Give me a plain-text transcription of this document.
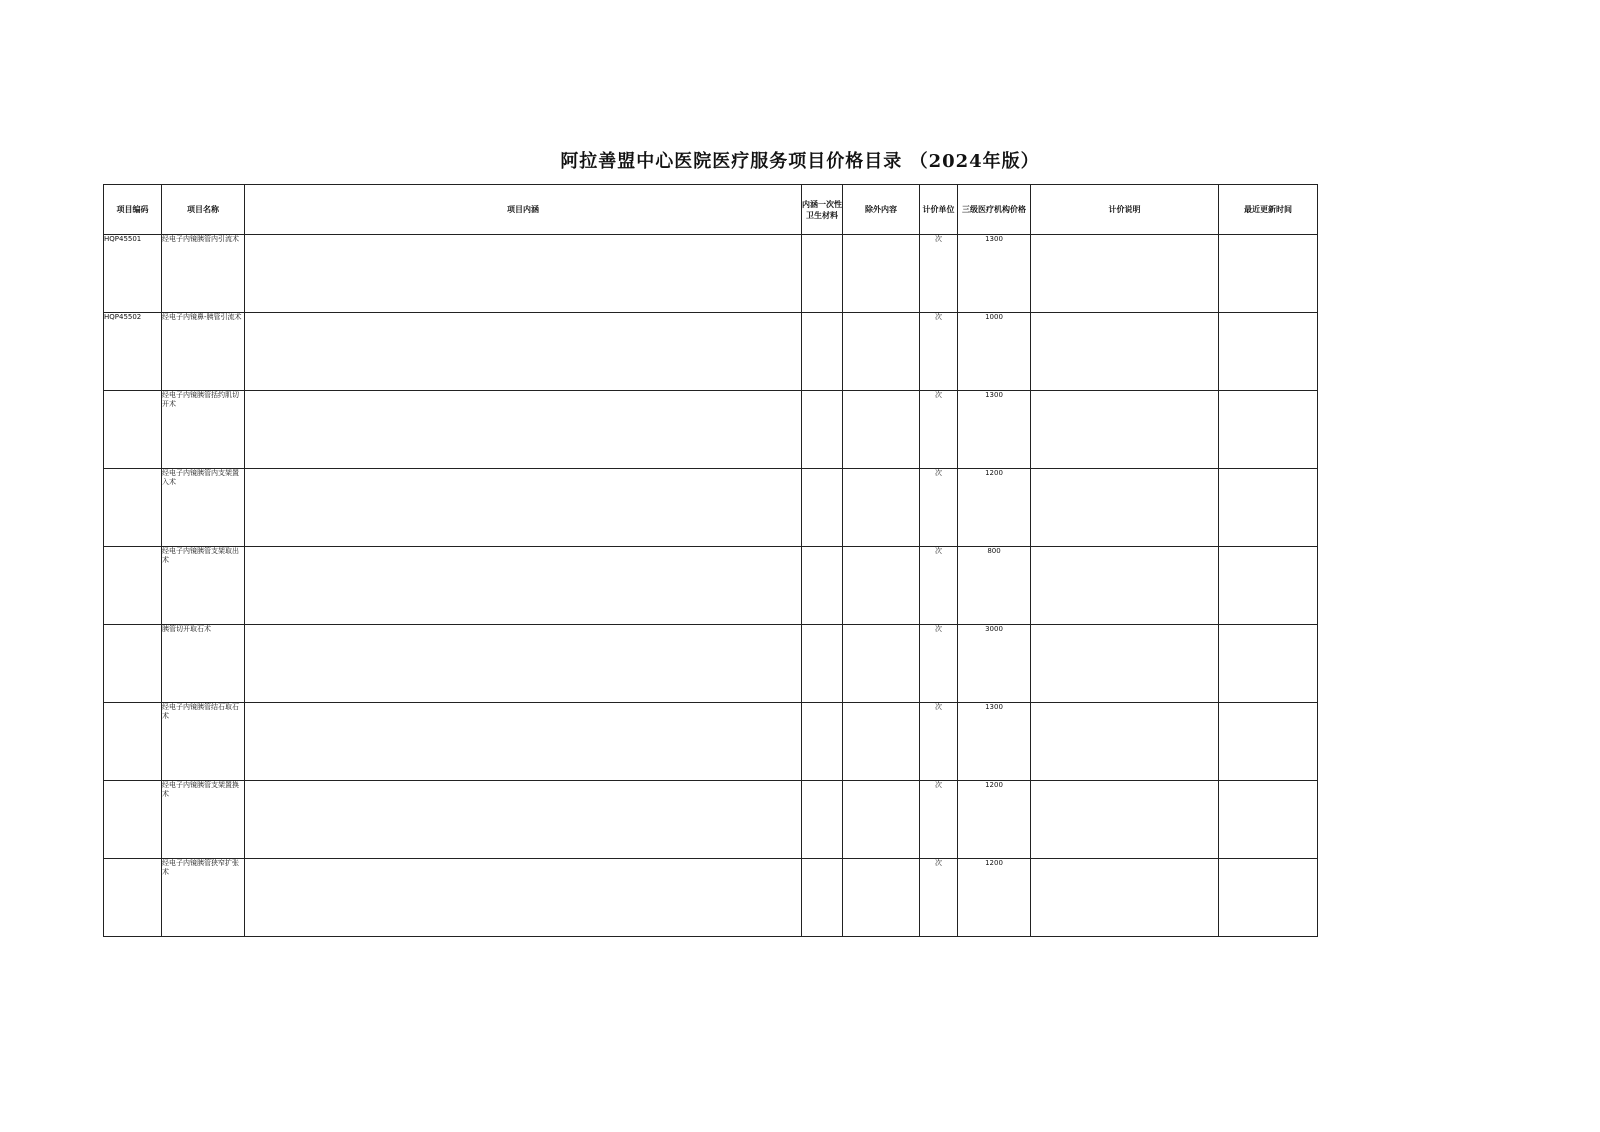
阿拉善盟中心医院医疗服务项目价格目录 （2024年版）
项目编码	项目名称	项目内涵	内涵一次性卫生材料	除外内容	计价单位	三级医疗机构价格	计价说明	最近更新时间
HQP45501	经电子内镜胰管内引流术				次	1300		
HQP45502	经电子内镜鼻-胰管引流术				次	1000		
	经电子内镜胰管括约肌切开术				次	1300		
	经电子内镜胰管内支架置入术				次	1200		
	经电子内镜胰管支架取出术				次	800		
	胰管切开取石术				次	3000		
	经电子内镜胰管结石取石术				次	1300		
	经电子内镜胰管支架置换术				次	1200		
	经电子内镜胰管狭窄扩张术				次	1200		
